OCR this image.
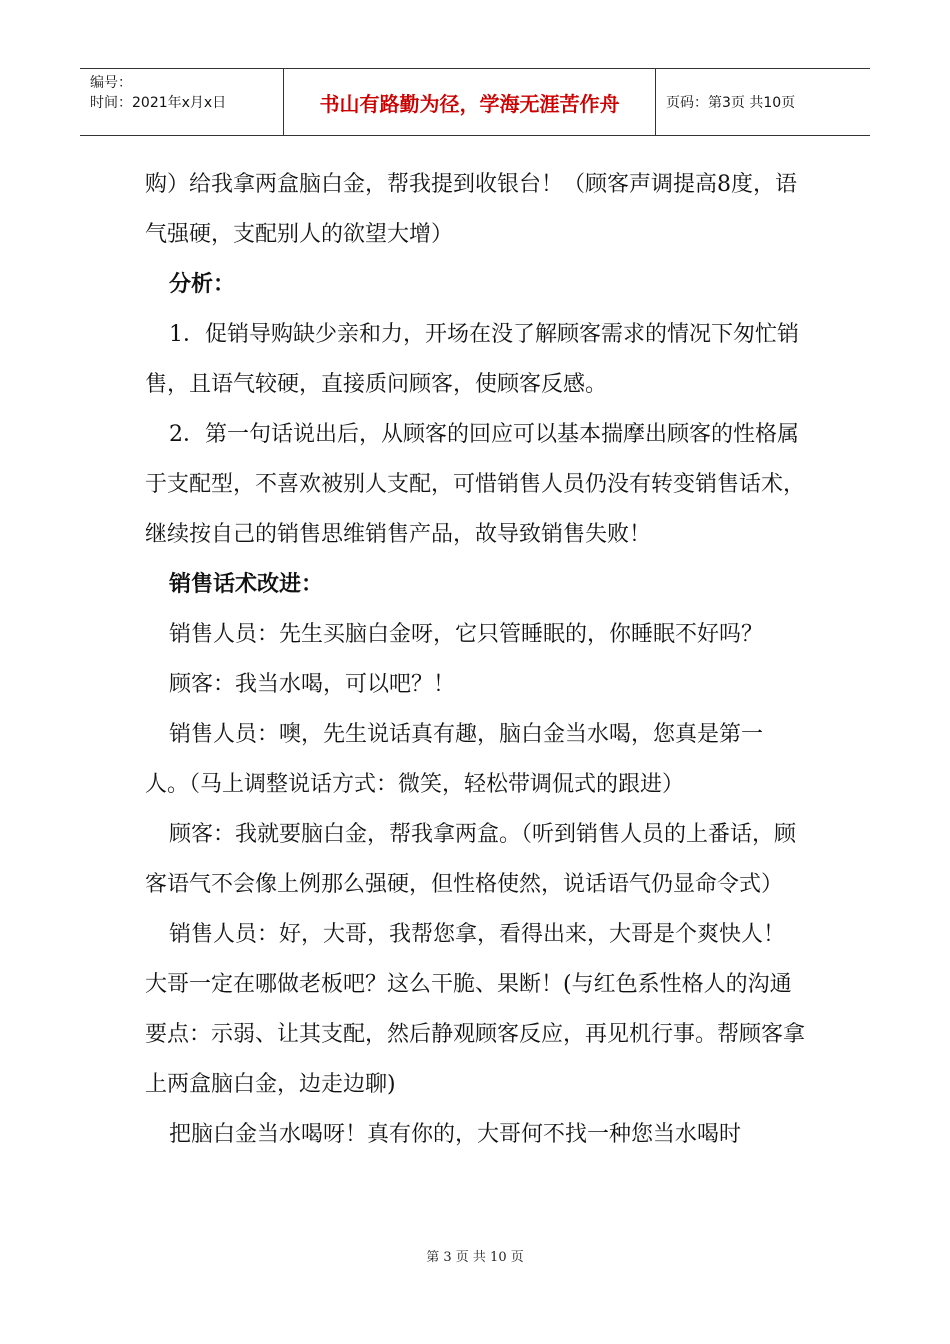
编号：
时间：2021年x月x日	书山有路勤为径，学海无涯苦作舟	页码：第3页 共10页

购）给我拿两盒脑白金，帮我提到收银台！（顾客声调提高8度，语气强硬，支配别人的欲望大增）

分析：

1．促销导购缺少亲和力，开场在没了解顾客需求的情况下匆忙销售，且语气较硬，直接质问顾客，使顾客反感。

2．第一句话说出后，从顾客的回应可以基本揣摩出顾客的性格属于支配型，不喜欢被别人支配，可惜销售人员仍没有转变销售话术，继续按自己的销售思维销售产品，故导致销售失败！

销售话术改进：

销售人员：先生买脑白金呀，它只管睡眠的，你睡眠不好吗？

顾客：我当水喝，可以吧？！

销售人员：噢，先生说话真有趣，脑白金当水喝，您真是第一人。（马上调整说话方式：微笑，轻松带调侃式的跟进）

顾客：我就要脑白金，帮我拿两盒。（听到销售人员的上番话，顾客语气不会像上例那么强硬，但性格使然，说话语气仍显命令式）

销售人员：好，大哥，我帮您拿，看得出来，大哥是个爽快人！大哥一定在哪做老板吧？这么干脆、果断！(与红色系性格人的沟通要点：示弱、让其支配，然后静观顾客反应，再见机行事。帮顾客拿上两盒脑白金，边走边聊)

把脑白金当水喝呀！真有你的，大哥何不找一种您当水喝时

第 3 页 共 10 页
